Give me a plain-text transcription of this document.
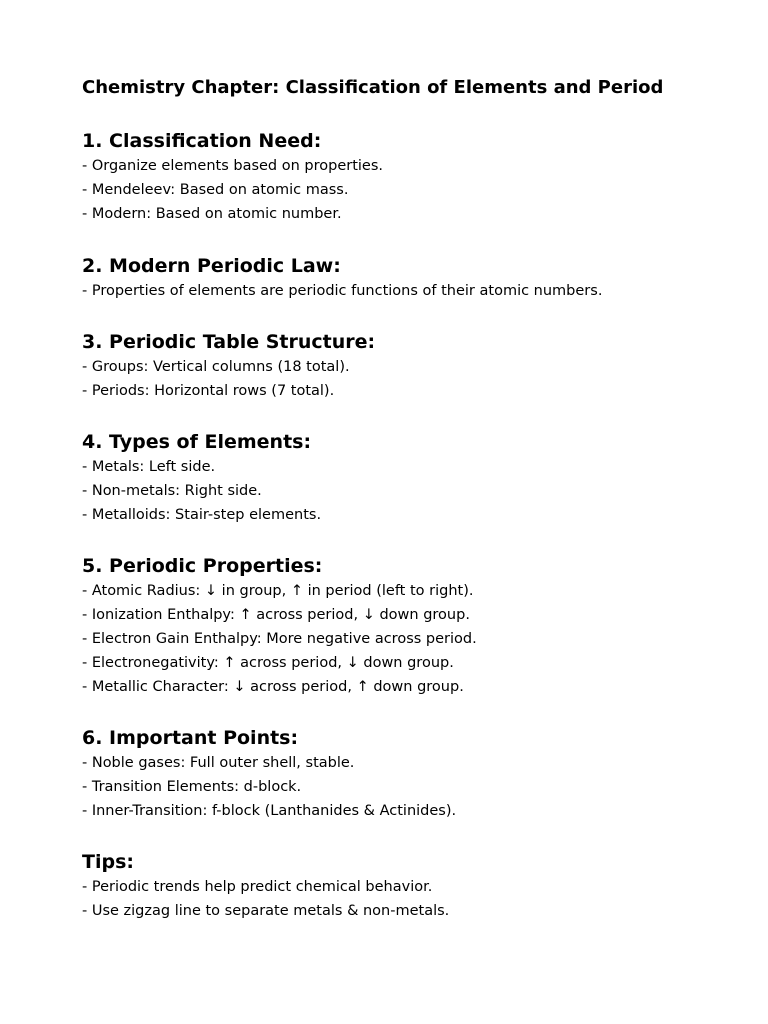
Chemistry Chapter: Classification of Elements and Period
1. Classification Need:
- Organize elements based on properties.
- Mendeleev: Based on atomic mass.
- Modern: Based on atomic number.
2. Modern Periodic Law:
- Properties of elements are periodic functions of their atomic numbers.
3. Periodic Table Structure:
- Groups: Vertical columns (18 total).
- Periods: Horizontal rows (7 total).
4. Types of Elements:
- Metals: Left side.
- Non-metals: Right side.
- Metalloids: Stair-step elements.
5. Periodic Properties:
- Atomic Radius: ↓ in group, ↑ in period (left to right).
- Ionization Enthalpy: ↑ across period, ↓ down group.
- Electron Gain Enthalpy: More negative across period.
- Electronegativity: ↑ across period, ↓ down group.
- Metallic Character: ↓ across period, ↑ down group.
6. Important Points:
- Noble gases: Full outer shell, stable.
- Transition Elements: d-block.
- Inner-Transition: f-block (Lanthanides & Actinides).
Tips:
- Periodic trends help predict chemical behavior.
- Use zigzag line to separate metals & non-metals.
